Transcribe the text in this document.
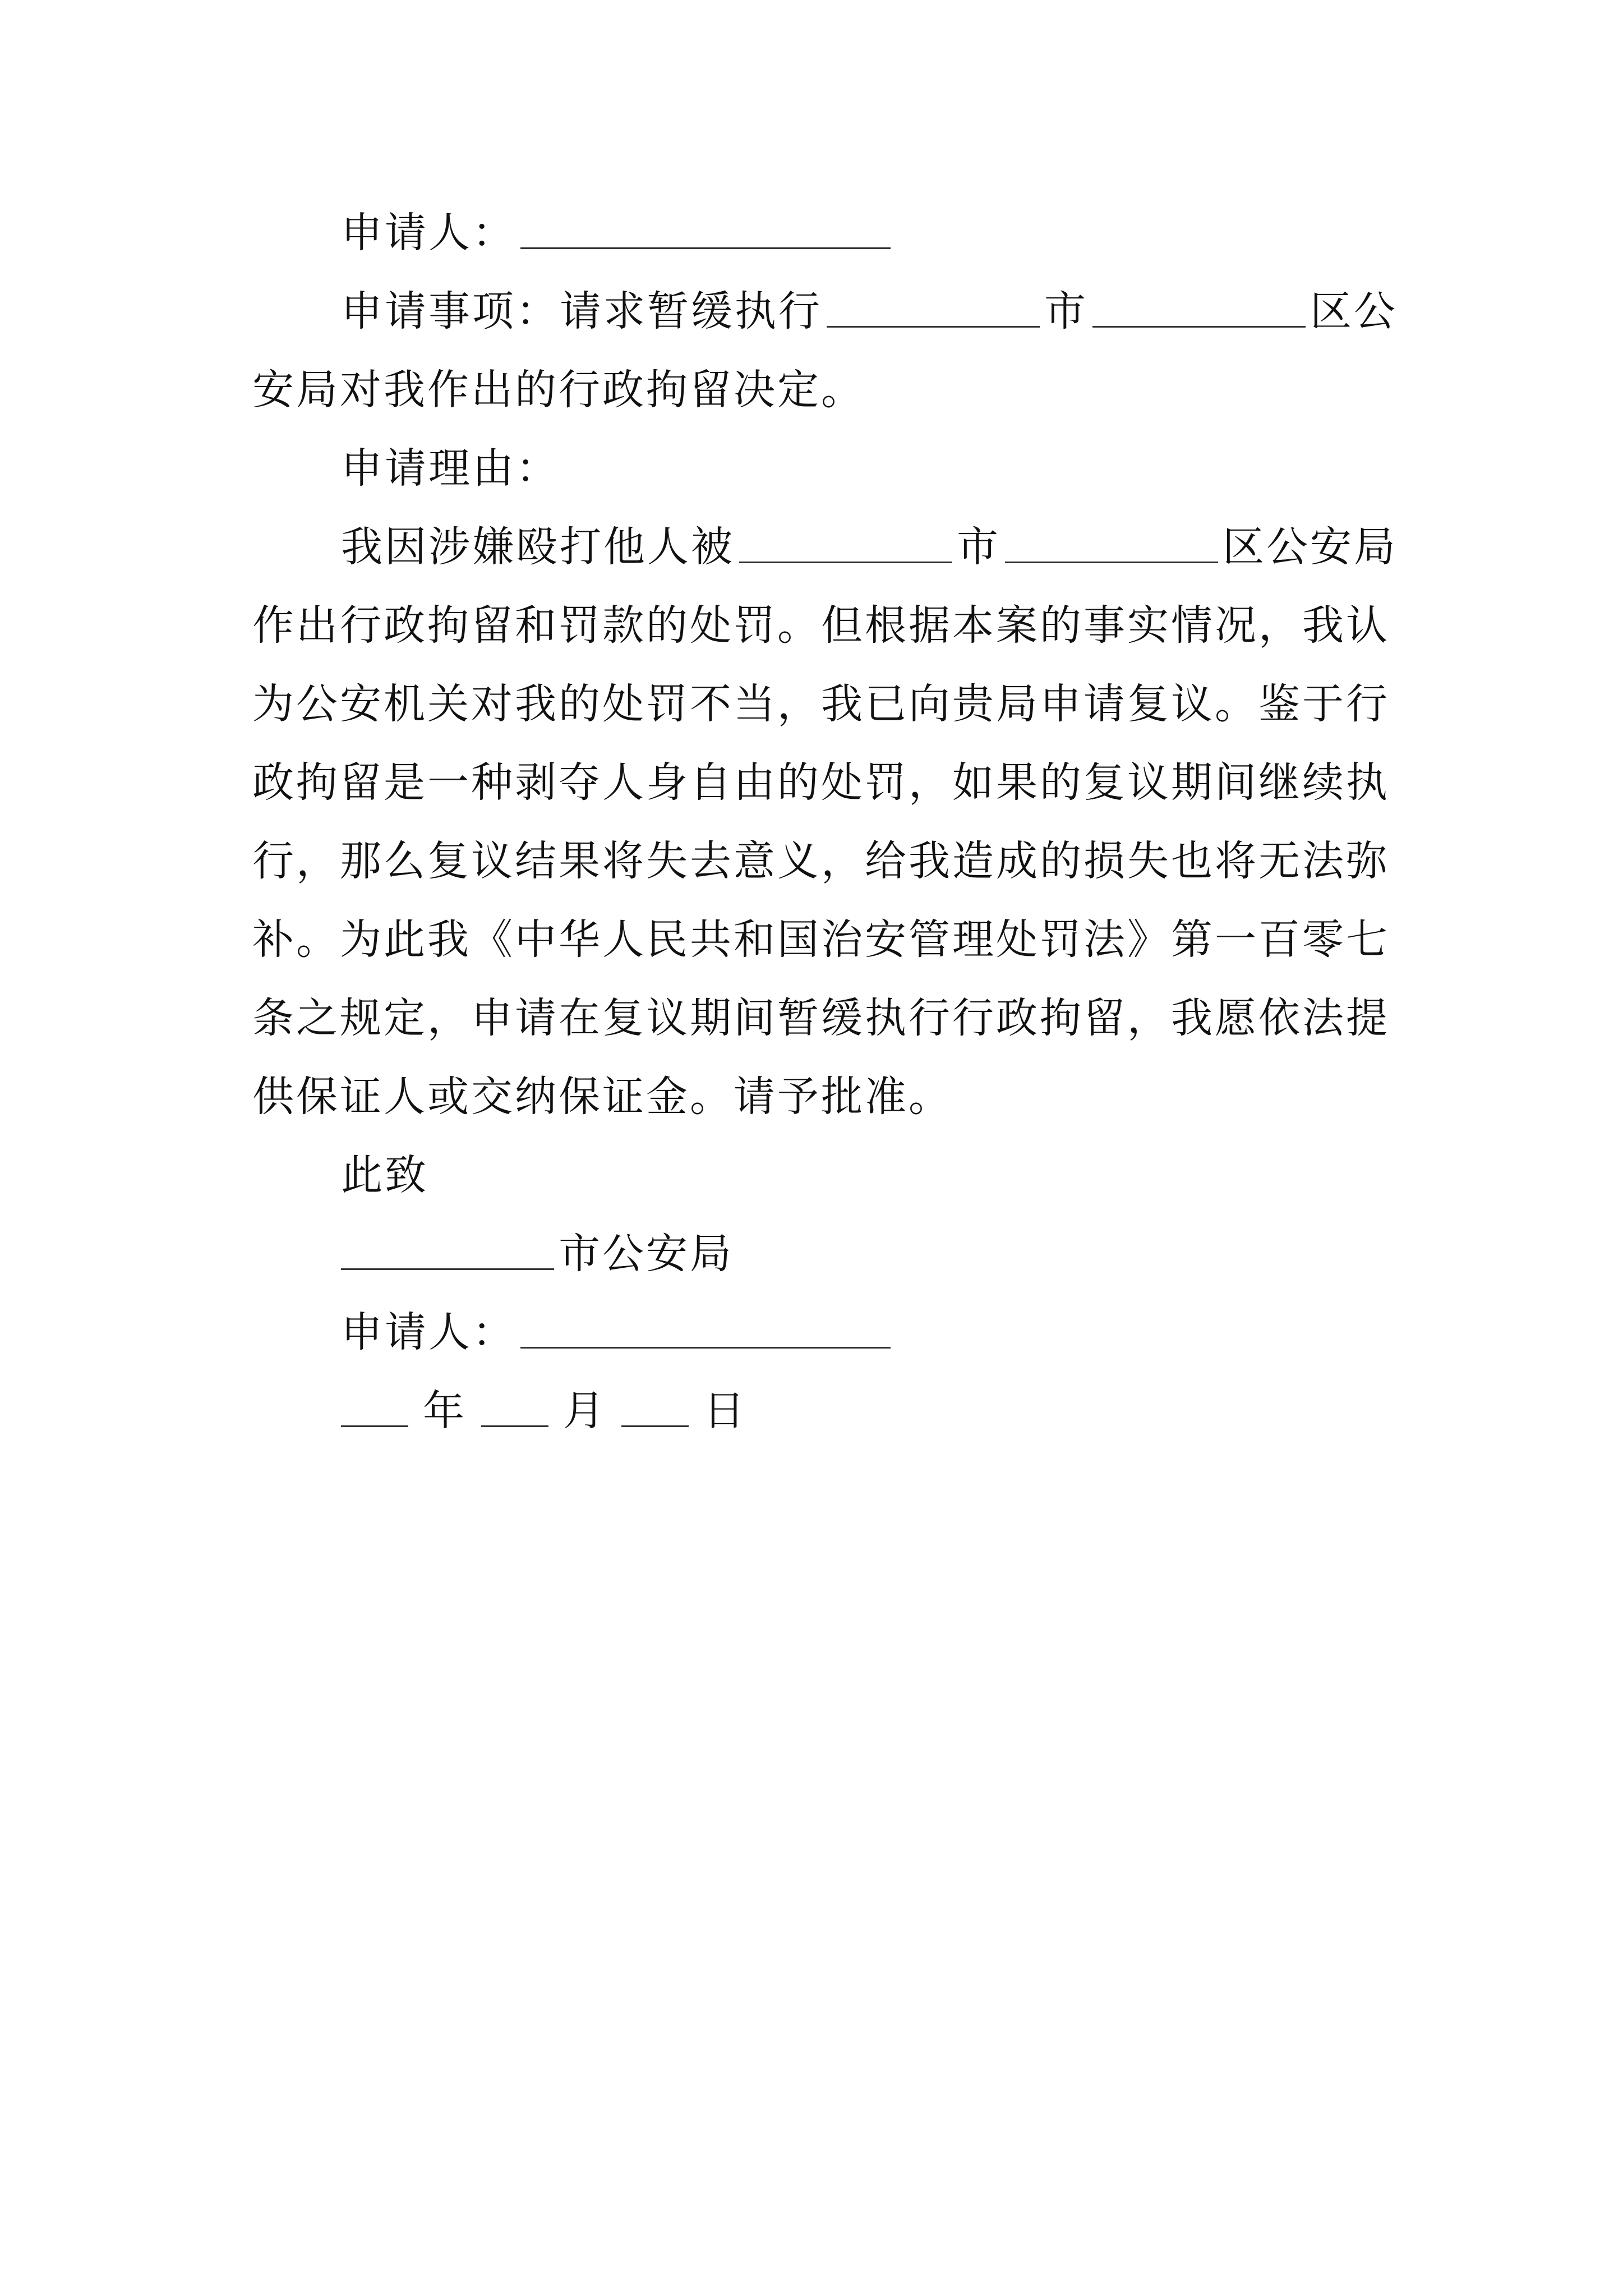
申请人：
申请事项：请求暂缓执行	市	区公
安局对我作出的行政拘留决定。
申请理由：
我因涉嫌殴打他人被	市	区公安局
作出行政拘留和罚款的处罚。但根据本案的事实情况，我认
为公安机关对我的处罚不当，我已向贵局申请复议。鉴于行
政拘留是一种剥夺人身自由的处罚，如果的复议期间继续执
行，那么复议结果将失去意义，给我造成的损失也将无法弥
补。为此我《中华人民共和国治安管理处罚法》第一百零七
条之规定，申请在复议期间暂缓执行行政拘留，我愿依法提
供保证人或交纳保证金。请予批准。
此致
市公安局
申请人：
年 月 日
